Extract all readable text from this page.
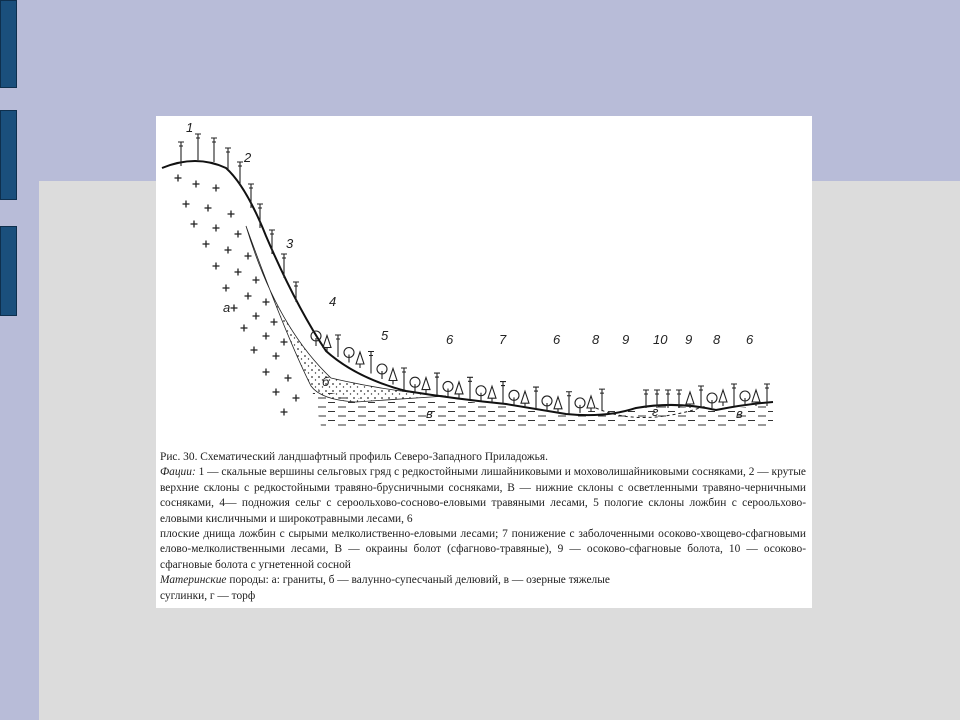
1
2
3
4
5	6	7	6 8 9 10 9 8 6
а
б
в	г	в

Рис. 30. Схематический ландшафтный профиль Северо-Западного Приладожья.

Фации: 1 — скальные вершины сельговых гряд с редкостойными лишайниковыми и моховолишайниковыми сосняками, 2 — крутые верхние склоны с редкостойными травяно-брусничными сосняками, В — нижние склоны с осветленными травяно-черничными сосняками, 4— подножия сельг с сероольхово-сосново-еловыми травяными лесами, 5 пологие склоны ложбин с сероольхово-еловыми кисличными и широкотравными лесами, 6

плоские днища ложбин с сырыми мелколиственно-еловыми лесами; 7 понижение с заболоченными осоково-хвощево-сфагновыми елово-мелколиственными лесами, В — окраины болот (сфагново-травяные), 9 — осоково-сфагновые болота, 10 — осоково-сфагновые болота с угнетенной сосной

Материнские породы: а: граниты, б — валунно-супесчаный делювий, в — озерные тяжелые

суглинки, г — торф
